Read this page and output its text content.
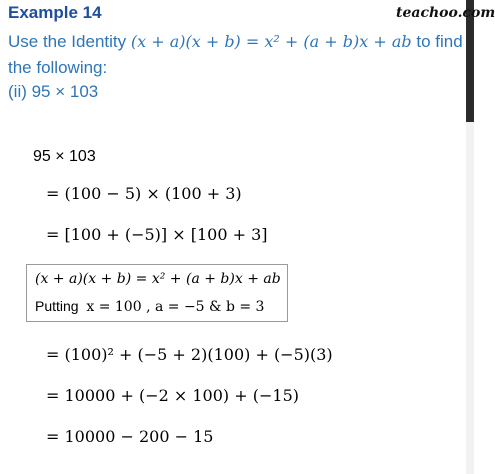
Example 14	teachoo.com
Use the Identity (x + a)(x + b) = x² + (a + b)x + ab to find
the following:
(ii) 95 × 103
95 × 103
= (100 − 5) × (100 + 3)
= [100 + (−5)] × [100 + 3]
(x + a)(x + b) = x² + (a + b)x + ab
Putting x = 100 , a = −5 & b = 3
= (100)² + (−5 + 2)(100) + (−5)(3)
= 10000 + (−2 × 100) + (−15)
= 10000 − 200 − 15
